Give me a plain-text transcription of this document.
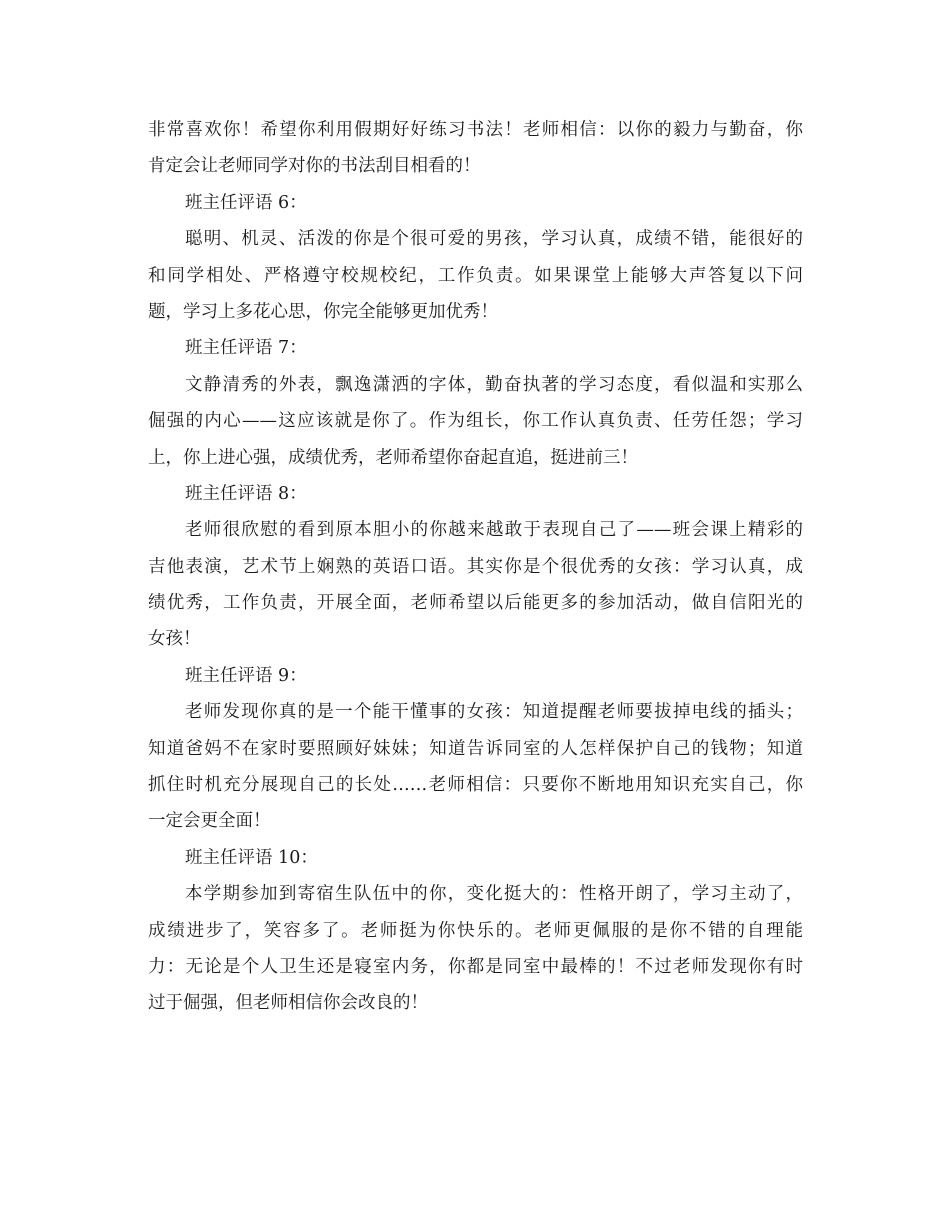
非常喜欢你！希望你利用假期好好练习书法！老师相信：以你的毅力与勤奋，你
肯定会让老师同学对你的书法刮目相看的！
班主任评语 6：
聪明、机灵、活泼的你是个很可爱的男孩，学习认真，成绩不错，能很好的
和同学相处、严格遵守校规校纪，工作负责。如果课堂上能够大声答复以下问
题，学习上多花心思，你完全能够更加优秀！
班主任评语 7：
文静清秀的外表，飘逸潇洒的字体，勤奋执著的学习态度，看似温和实那么
倔强的内心——这应该就是你了。作为组长，你工作认真负责、任劳任怨；学习
上，你上进心强，成绩优秀，老师希望你奋起直追，挺进前三！
班主任评语 8：
老师很欣慰的看到原本胆小的你越来越敢于表现自己了——班会课上精彩的
吉他表演，艺术节上娴熟的英语口语。其实你是个很优秀的女孩：学习认真，成
绩优秀，工作负责，开展全面，老师希望以后能更多的参加活动，做自信阳光的
女孩！
班主任评语 9：
老师发现你真的是一个能干懂事的女孩：知道提醒老师要拔掉电线的插头；
知道爸妈不在家时要照顾好妹妹；知道告诉同室的人怎样保护自己的钱物；知道
抓住时机充分展现自己的长处……老师相信：只要你不断地用知识充实自己，你
一定会更全面！
班主任评语 10：
本学期参加到寄宿生队伍中的你，变化挺大的：性格开朗了，学习主动了，
成绩进步了，笑容多了。老师挺为你快乐的。老师更佩服的是你不错的自理能
力：无论是个人卫生还是寝室内务，你都是同室中最棒的！不过老师发现你有时
过于倔强，但老师相信你会改良的！
